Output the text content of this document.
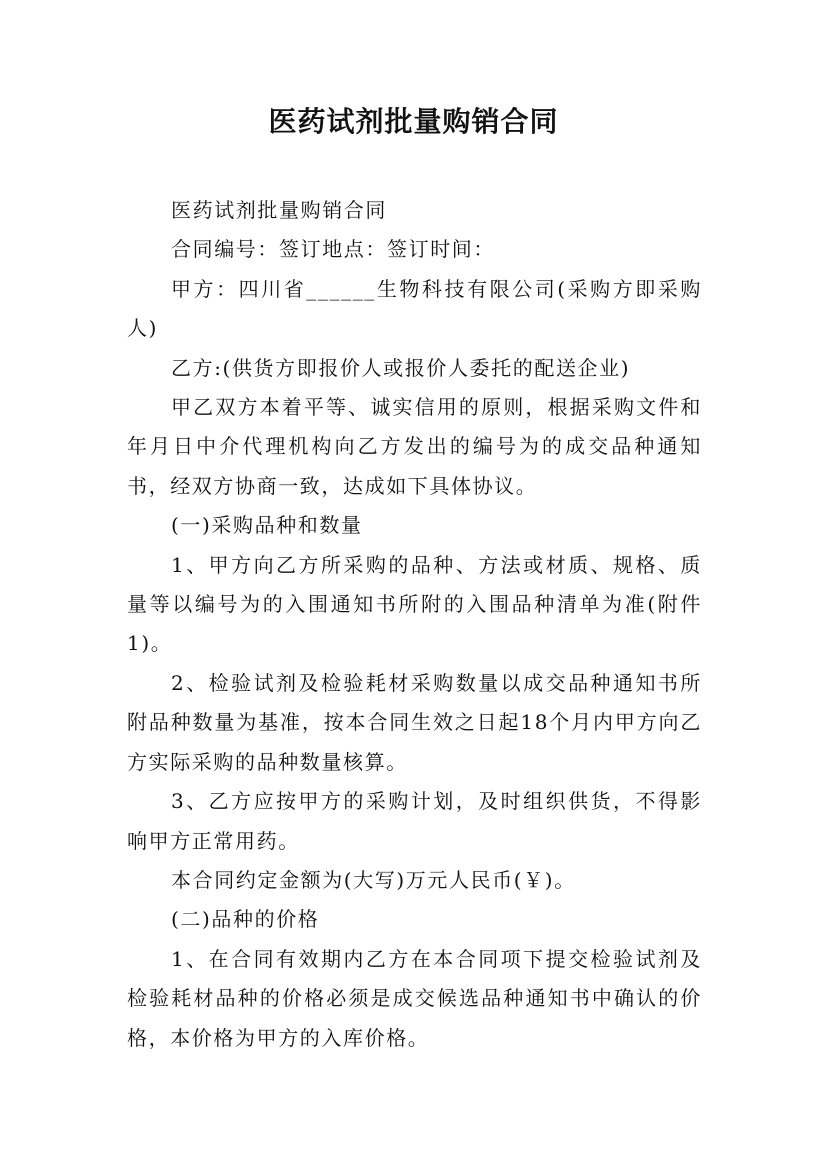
医药试剂批量购销合同

医药试剂批量购销合同

合同编号：签订地点：签订时间：

甲方：四川省______生物科技有限公司(采购方即采购人)

乙方:(供货方即报价人或报价人委托的配送企业)

甲乙双方本着平等、诚实信用的原则，根据采购文件和年月日中介代理机构向乙方发出的编号为的成交品种通知书，经双方协商一致，达成如下具体协议。

(一)采购品种和数量

1、甲方向乙方所采购的品种、方法或材质、规格、质量等以编号为的入围通知书所附的入围品种清单为准(附件1)。

2、检验试剂及检验耗材采购数量以成交品种通知书所附品种数量为基准，按本合同生效之日起18个月内甲方向乙方实际采购的品种数量核算。

3、乙方应按甲方的采购计划，及时组织供货，不得影响甲方正常用药。

本合同约定金额为(大写)万元人民币(￥)。

(二)品种的价格

1、在合同有效期内乙方在本合同项下提交检验试剂及检验耗材品种的价格必须是成交候选品种通知书中确认的价格，本价格为甲方的入库价格。
